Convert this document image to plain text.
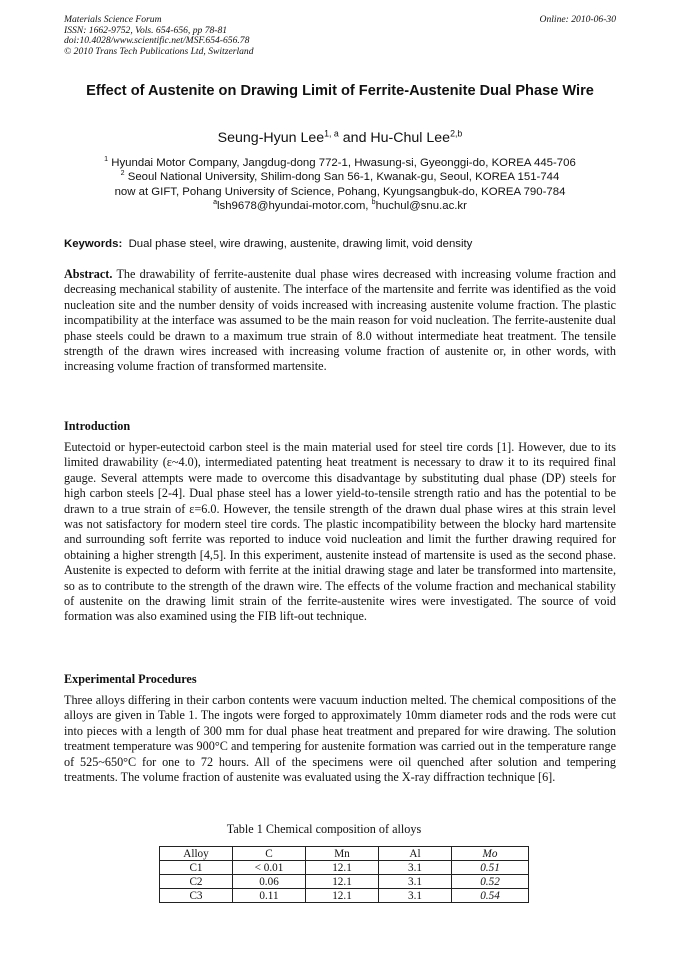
Materials Science Forum
ISSN: 1662-9752, Vols. 654-656, pp 78-81
doi:10.4028/www.scientific.net/MSF.654-656.78
© 2010 Trans Tech Publications Ltd, Switzerland
Online: 2010-06-30
Effect of Austenite on Drawing Limit of Ferrite-Austenite Dual Phase Wire
Seung-Hyun Lee$^{1, a}$ and Hu-Chul Lee$^{2,b}$
$^1$ Hyundai Motor Company, Jangdug-dong 772-1, Hwasung-si, Gyeonggi-do, KOREA 445-706
$^2$ Seoul National University, Shilim-dong San 56-1, Kwanak-gu, Seoul, KOREA 151-744
now at GIFT, Pohang University of Science, Pohang, Kyungsangbuk-do, KOREA 790-784
$^a$lsh9678@hyundai-motor.com, $^b$huchul@snu.ac.kr
Keywords: Dual phase steel, wire drawing, austenite, drawing limit, void density
Abstract. The drawability of ferrite-austenite dual phase wires decreased with increasing volume fraction and decreasing mechanical stability of austenite. The interface of the martensite and ferrite was identified as the void nucleation site and the number density of voids increased with increasing austenite volume fraction. The plastic incompatibility at the interface was assumed to be the main reason for void nucleation. The ferrite-austenite dual phase steels could be drawn to a maximum true strain of 8.0 without intermediate heat treatment. The tensile strength of the drawn wires increased with increasing volume fraction of austenite or, in other words, with increasing volume fraction of transformed martensite.
Introduction
Eutectoid or hyper-eutectoid carbon steel is the main material used for steel tire cords [1]. However, due to its limited drawability (ε~4.0), intermediated patenting heat treatment is necessary to draw it to its required final gauge. Several attempts were made to overcome this disadvantage by substituting dual phase (DP) steels for high carbon steels [2-4]. Dual phase steel has a lower yield-to-tensile strength ratio and has the potential to be drawn to a true strain of ε=6.0. However, the tensile strength of the drawn dual phase wires at this strain level was not satisfactory for modern steel tire cords. The plastic incompatibility between the blocky hard martensite and surrounding soft ferrite was reported to induce void nucleation and limit the further drawing required for obtaining a higher strength [4,5]. In this experiment, austenite instead of martensite is used as the second phase. Austenite is expected to deform with ferrite at the initial drawing stage and later be transformed into martensite, so as to contribute to the strength of the drawn wire. The effects of the volume fraction and mechanical stability of austenite on the drawing limit strain of the ferrite-austenite wires were investigated. The source of void formation was also examined using the FIB lift-out technique.
Experimental Procedures
Three alloys differing in their carbon contents were vacuum induction melted. The chemical compositions of the alloys are given in Table 1. The ingots were forged to approximately 10mm diameter rods and the rods were cut into pieces with a length of 300 mm for dual phase heat treatment and prepared for wire drawing. The solution treatment temperature was 900°C and tempering for austenite formation was carried out in the temperature range of 525~650°C for one to 72 hours. All of the specimens were oil quenched after solution and tempering treatments. The volume fraction of austenite was evaluated using the X-ray diffraction technique [6].
Table 1 Chemical composition of alloys
Alloy	C	Mn	Al	Mo
C1	< 0.01	12.1	3.1	0.51
C2	0.06	12.1	3.1	0.52
C3	0.11	12.1	3.1	0.54
